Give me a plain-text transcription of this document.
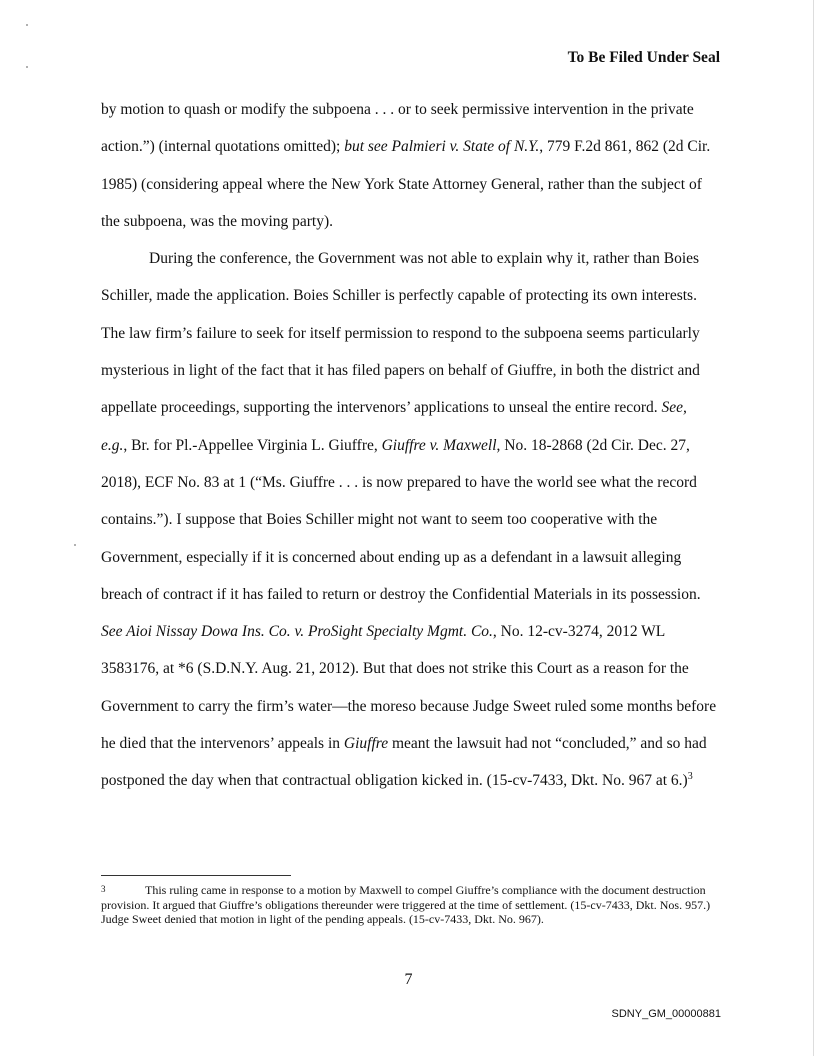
To Be Filed Under Seal

by motion to quash or modify the subpoena . . . or to seek permissive intervention in the private action.”) (internal quotations omitted); but see Palmieri v. State of N.Y., 779 F.2d 861, 862 (2d Cir. 1985) (considering appeal where the New York State Attorney General, rather than the subject of the subpoena, was the moving party).

During the conference, the Government was not able to explain why it, rather than Boies Schiller, made the application. Boies Schiller is perfectly capable of protecting its own interests. The law firm’s failure to seek for itself permission to respond to the subpoena seems particularly mysterious in light of the fact that it has filed papers on behalf of Giuffre, in both the district and appellate proceedings, supporting the intervenors’ applications to unseal the entire record. See, e.g., Br. for Pl.-Appellee Virginia L. Giuffre, Giuffre v. Maxwell, No. 18-2868 (2d Cir. Dec. 27, 2018), ECF No. 83 at 1 (“Ms. Giuffre . . . is now prepared to have the world see what the record contains.”). I suppose that Boies Schiller might not want to seem too cooperative with the Government, especially if it is concerned about ending up as a defendant in a lawsuit alleging breach of contract if it has failed to return or destroy the Confidential Materials in its possession. See Aioi Nissay Dowa Ins. Co. v. ProSight Specialty Mgmt. Co., No. 12-cv-3274, 2012 WL 3583176, at *6 (S.D.N.Y. Aug. 21, 2012). But that does not strike this Court as a reason for the Government to carry the firm’s water—the moreso because Judge Sweet ruled some months before he died that the intervenors’ appeals in Giuffre meant the lawsuit had not “concluded,” and so had postponed the day when that contractual obligation kicked in. (15-cv-7433, Dkt. No. 967 at 6.)$^3$

3	This ruling came in response to a motion by Maxwell to compel Giuffre’s compliance with the document destruction provision. It argued that Giuffre’s obligations thereunder were triggered at the time of settlement. (15-cv-7433, Dkt. Nos. 957.) Judge Sweet denied that motion in light of the pending appeals. (15-cv-7433, Dkt. No. 967).
7
SDNY_GM_00000881
